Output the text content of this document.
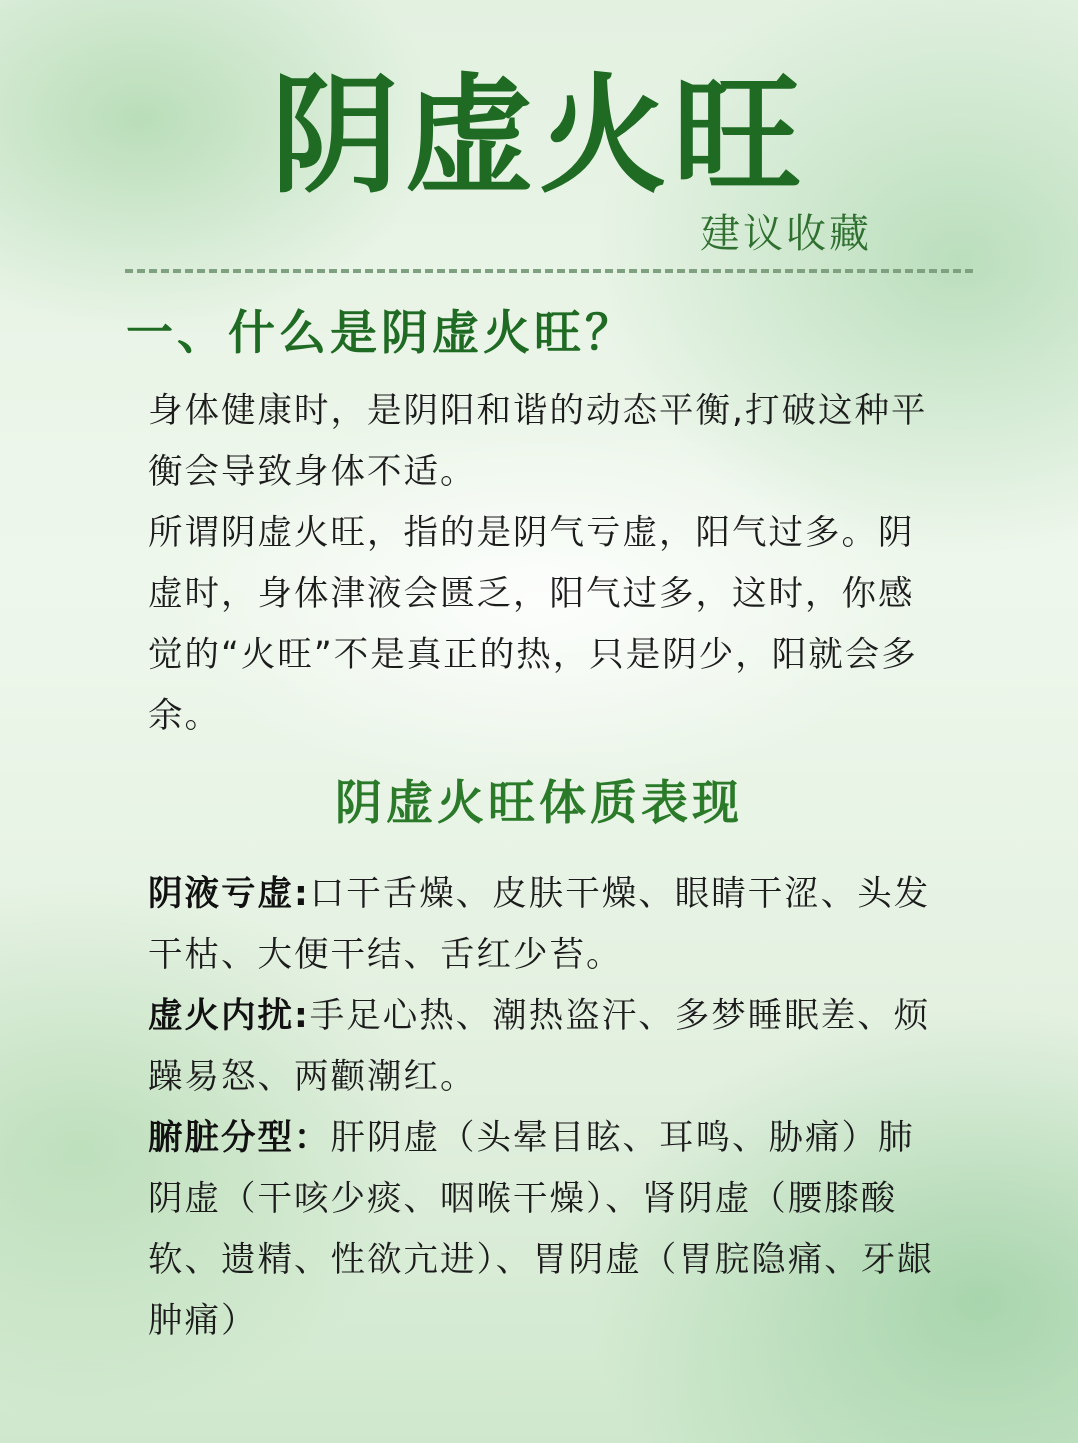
阴虚火旺
建议收藏
一、什么是阴虚火旺？

身体健康时，是阴阳和谐的动态平衡,打破这种平衡会导致身体不适。

所谓阴虚火旺，指的是阴气亏虚，阳气过多。阴虚时，身体津液会匮乏，阳气过多，这时，你感觉的“火旺”不是真正的热，只是阴少，阳就会多余。

阴虚火旺体质表现

阴液亏虚:口干舌燥、皮肤干燥、眼睛干涩、头发干枯、大便干结、舌红少苔。

虚火内扰:手足心热、潮热盗汗、多梦睡眠差、烦躁易怒、两颧潮红。

腑脏分型：肝阴虚（头晕目眩、耳鸣、胁痛）肺阴虚（干咳少痰、咽喉干燥）、肾阴虚（腰膝酸软、遗精、性欲亢进）、胃阴虚（胃脘隐痛、牙龈肿痛）
